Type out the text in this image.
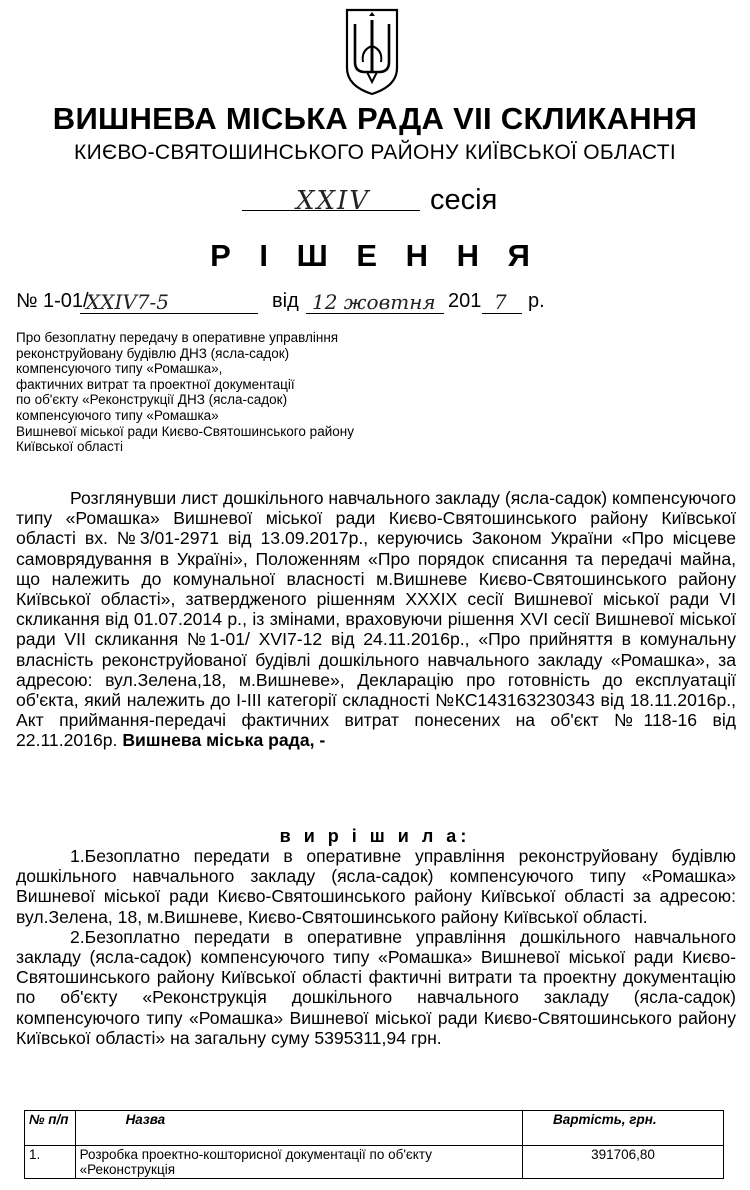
ВИШНЕВА МІСЬКА РАДА VII СКЛИКАННЯ
КИЄВО-СВЯТОШИНСЬКОГО РАЙОНУ КИЇВСЬКОЇ ОБЛАСТІ
XXIV сесія
Р І Ш Е Н Н Я
№ 1-01/
XXIV7-5	від 12 жовтня 201 7 р.
Про безоплатну передачу в оперативне управління
реконструйовану будівлю ДНЗ (ясла-садок)
компенсуючого типу «Ромашка»,
фактичних витрат та проектної документації
по об'єкту «Реконструкції ДНЗ (ясла-садок)
компенсуючого типу «Ромашка»
Вишневої міської ради Києво-Святошинського району
Київської області

Розглянувши лист дошкільного навчального закладу (ясла-садок) компенсуючого типу «Ромашка» Вишневої міської ради Києво-Святошинського району Київської області вх. №3/01-2971 від 13.09.2017р., керуючись Законом України «Про місцеве самоврядування в Україні», Положенням «Про порядок списання та передачі майна, що належить до комунальної власності м.Вишневе Києво-Святошинського району Київської області», затвердженого рішенням XXXIX сесії Вишневої міської ради VI скликання від 01.07.2014 р., із змінами, враховуючи рішення XVI сесії Вишневої міської ради VII скликання №1-01/ XVI7-12 від 24.11.2016р., «Про прийняття в комунальну власність реконструйованої будівлі дошкільного навчального закладу «Ромашка», за адресою: вул.Зелена,18, м.Вишневе», Декларацію про готовність до експлуатації об'єкта, який належить до I-III категорії складності №КС143163230343 від 18.11.2016р., Акт приймання-передачі фактичних витрат понесених на об'єкт №118-16 від 22.11.2016р. Вишнева міська рада, -

в и р і ш и л а:

1.Безоплатно передати в оперативне управління реконструйовану будівлю дошкільного навчального закладу (ясла-садок) компенсуючого типу «Ромашка» Вишневої міської ради Києво-Святошинського району Київської області за адресою: вул.Зелена, 18, м.Вишневе, Києво-Святошинського району Київської області.

2.Безоплатно передати в оперативне управління дошкільного навчального закладу (ясла-садок) компенсуючого типу «Ромашка» Вишневої міської ради Києво-Святошинського району Київської області фактичні витрати та проектну документацію по об'єкту «Реконструкція дошкільного навчального закладу (ясла-садок) компенсуючого типу «Ромашка» Вишневої міської ради Києво-Святошинського району Київської області» на загальну суму 5395311,94 грн.

№ п/п	Назва	Вартість, грн.
1.	Розробка проектно-кошторисної документації по об'єкту «Реконструкція	391706,80
